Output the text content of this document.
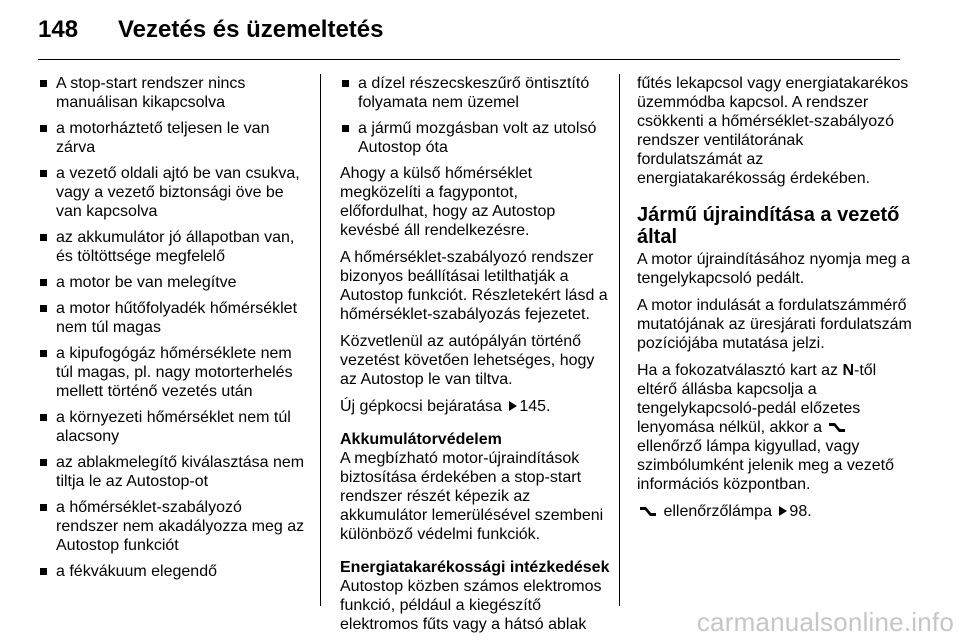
148 Vezetés és üzemeltetés
A stop-start rendszer nincs manuálisan kikapcsolva
a motorháztető teljesen le van zárva
a vezető oldali ajtó be van csukva, vagy a vezető biztonsági öve be van kapcsolva
az akkumulátor jó állapotban van, és töltöttsége megfelelő
a motor be van melegítve
a motor hűtőfolyadék hőmérséklet nem túl magas
a kipufogógáz hőmérséklete nem túl magas, pl. nagy motorterhelés mellett történő vezetés után
a környezeti hőmérséklet nem túl alacsony
az ablakmelegítő kiválasztása nem tiltja le az Autostop-ot
a hőmérséklet-szabályozó rendszer nem akadályozza meg az Autostop funkciót
a fékvákuum elegendő
a dízel részecskeszűrő öntisztító folyamata nem üzemel
a jármű mozgásban volt az utolsó Autostop óta

Ahogy a külső hőmérséklet megközelíti a fagypontot, előfordulhat, hogy az Autostop kevésbé áll rendelkezésre.

A hőmérséklet-szabályozó rendszer bizonyos beállításai letilthatják a Autostop funkciót. Részletekért lásd a hőmérséklet-szabályozás fejezetet.

Közvetlenül az autópályán történő vezetést követően lehetséges, hogy az Autostop le van tiltva.

Új gépkocsi bejáratása 145.

Akkumulátorvédelem

A megbízható motor-újraindítások biztosítása érdekében a stop-start rendszer részét képezik az akkumulátor lemerülésével szembeni különböző védelmi funkciók.

Energiatakarékossági intézkedések

Autostop közben számos elektromos funkció, például a kiegészítő elektromos fűts vagy a hátsó ablak

fűtés lekapcsol vagy energiatakarékos üzemmódba kapcsol. A rendszer csökkenti a hőmérséklet-szabályozó rendszer ventilátorának fordulatszámát az energiatakarékosság érdekében.

Jármű újraindítása a vezető által

A motor újraindításához nyomja meg a tengelykapcsoló pedált.

A motor indulását a fordulatszámmérő mutatójának az üresjárati fordulatszám pozíciójába mutatása jelzi.

Ha a fokozatválasztó kart az N-től eltérő állásba kapcsolja a tengelykapcsoló-pedál előzetes lenyomása nélkül, akkor a  ellenőrző lámpa kigyullad, vagy szimbólumként jelenik meg a vezető információs központban.

ellenőrzőlámpa 98.

carmanualsonline.info
